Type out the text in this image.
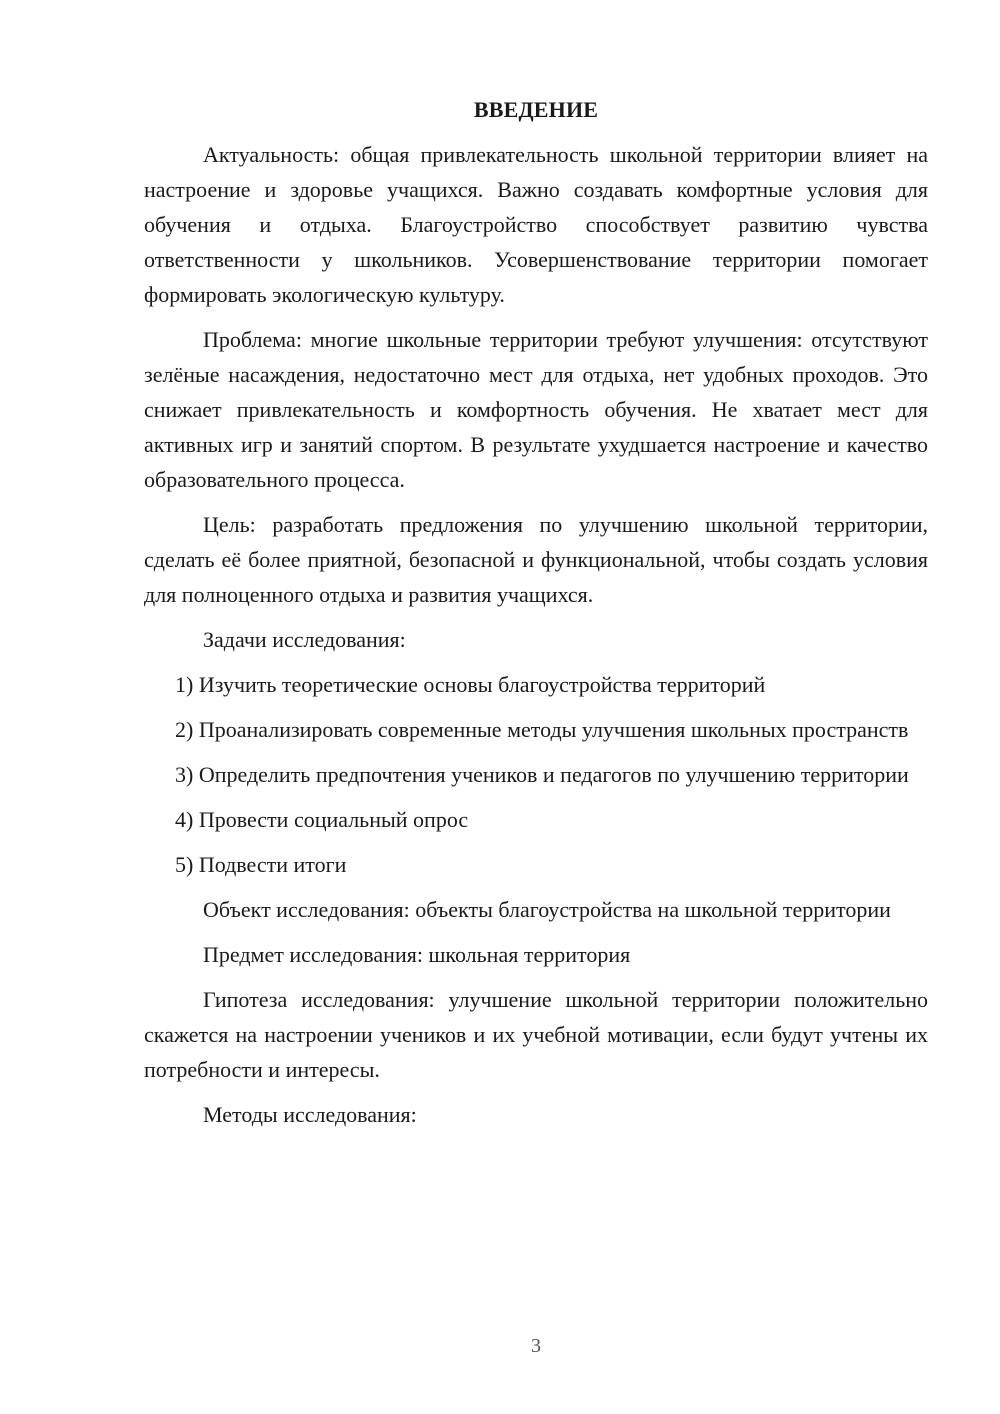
ВВЕДЕНИЕ

Актуальность: общая привлекательность школьной территории влияет на настроение и здоровье учащихся. Важно создавать комфортные условия для обучения и отдыха. Благоустройство способствует развитию чувства ответственности у школьников. Усовершенствование территории помогает формировать экологическую культуру.

Проблема: многие школьные территории требуют улучшения: отсутствуют зелёные насаждения, недостаточно мест для отдыха, нет удобных проходов. Это снижает привлекательность и комфортность обучения. Не хватает мест для активных игр и занятий спортом. В результате ухудшается настроение и качество образовательного процесса.

Цель: разработать предложения по улучшению школьной территории, сделать её более приятной, безопасной и функциональной, чтобы создать условия для полноценного отдыха и развития учащихся.

Задачи исследования:

1) Изучить теоретические основы благоустройства территорий

2) Проанализировать современные методы улучшения школьных пространств

3) Определить предпочтения учеников и педагогов по улучшению территории

4) Провести социальный опрос

5) Подвести итоги

Объект исследования: объекты благоустройства на школьной территории

Предмет исследования: школьная территория

Гипотеза исследования: улучшение школьной территории положительно скажется на настроении учеников и их учебной мотивации, если будут учтены их потребности и интересы.

Методы исследования:

3
